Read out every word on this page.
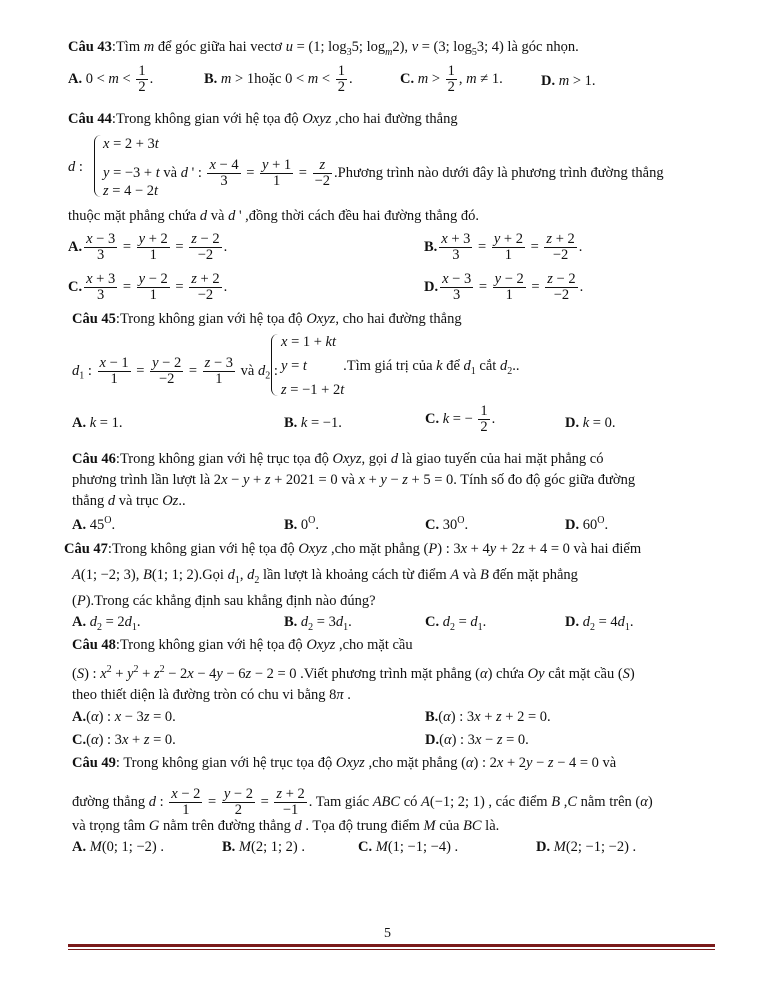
Câu 43:Tìm m để góc giữa hai vectơ u = (1; $\log_35$; $\log_m2$), v = (3; $\log_53$; 4) là góc nhọn.
A. $0 < m < \frac{1}{2}$ .	B. m > 1hoặc $0 < m < \frac{1}{2}$ .	C. $m > \frac{1}{2}$ , m ≠ 1.	D. m > 1.
Câu 44:Trong không gian với hệ tọa độ Oxyz ,cho hai đường thẳng
d :
x = 2 + 3t
y = −3 + t và d ' : $\frac{x - 4}{3} = \frac{y + 1}{1} = \frac{z}{-2}$ .Phương trình nào dưới đây là phương trình đường thẳng
z = 4 − 2t
thuộc mặt phẳng chứa d và d ' ,đồng thời cách đều hai đường thẳng đó.
A. $\frac{x - 3}{3} = \frac{y + 2}{1} = \frac{z - 2}{-2}$ .	B. $\frac{x + 3}{3} = \frac{y + 2}{1} = \frac{z + 2}{-2}$ .
C. $\frac{x + 3}{3} = \frac{y - 2}{1} = \frac{z + 2}{-2}$ .	D. $\frac{x - 3}{3} = \frac{y - 2}{1} = \frac{z - 2}{-2}$ .
Câu 45:Trong không gian với hệ tọa độ Oxyz, cho hai đường thẳng
$d_1$ : $\frac{x - 1}{1} = \frac{y - 2}{-2} = \frac{z - 3}{1}$ và $d_2$ :
x = 1 + kt
y = t          .Tìm giá trị của k để $d_1$ cắt $d_2$..
z = −1 + 2t
A. k = 1.	B. k = −1.	C. k = − $\frac{1}{2}$ .	D. k = 0.
Câu 46:Trong không gian với hệ trục tọa độ Oxyz, gọi d là giao tuyến của hai mặt phẳng có
phương trình lần lượt là 2x − y + z + 2021 = 0 và x + y − z + 5 = 0. Tính số đo độ góc giữa đường
thẳng d và trục Oz..
A. $45^O$.	B. $0^O$.	C. $30^O$.	D. $60^O$.
Câu 47:Trong không gian với hệ tọa độ Oxyz ,cho mặt phẳng (P) : 3x + 4y + 2z + 4 = 0 và hai điểm
A(1; −2; 3), B(1; 1; 2).Gọi $d_1$, $d_2$ lần lượt là khoảng cách từ điểm A và B đến mặt phẳng
(P).Trong các khẳng định sau khẳng định nào đúng?
A. $d_2 = 2d_1$.	B. $d_2 = 3d_1$.	C. $d_2 = d_1$.	D. $d_2 = 4d_1$.
Câu 48:Trong không gian với hệ tọa độ Oxyz ,cho mặt cầu
(S) : $x^2 + y^2 + z^2 - 2x - 4y - 6z - 2 = 0$ .Viết phương trình mặt phẳng (α) chứa Oy cắt mặt cầu (S)
theo thiết diện là đường tròn có chu vi bằng 8π .
A.(α) : x − 3z = 0.	B.(α) : 3x + z + 2 = 0.
C.(α) : 3x + z = 0.	D.(α) : 3x − z = 0.
Câu 49: Trong không gian với hệ trục tọa độ Oxyz ,cho mặt phẳng (α) : 2x + 2y − z − 4 = 0 và
đường thẳng d : $\frac{x - 2}{1} = \frac{y - 2}{2} = \frac{z + 2}{-1}$ . Tam giác ABC có A(−1; 2; 1) , các điểm B ,C nằm trên (α)
và trọng tâm G nằm trên đường thẳng d . Tọa độ trung điểm M của BC là.
A. M(0; 1; −2) .	B. M(2; 1; 2) .	C. M(1; −1; −4) .	D. M(2; −1; −2) .
5
